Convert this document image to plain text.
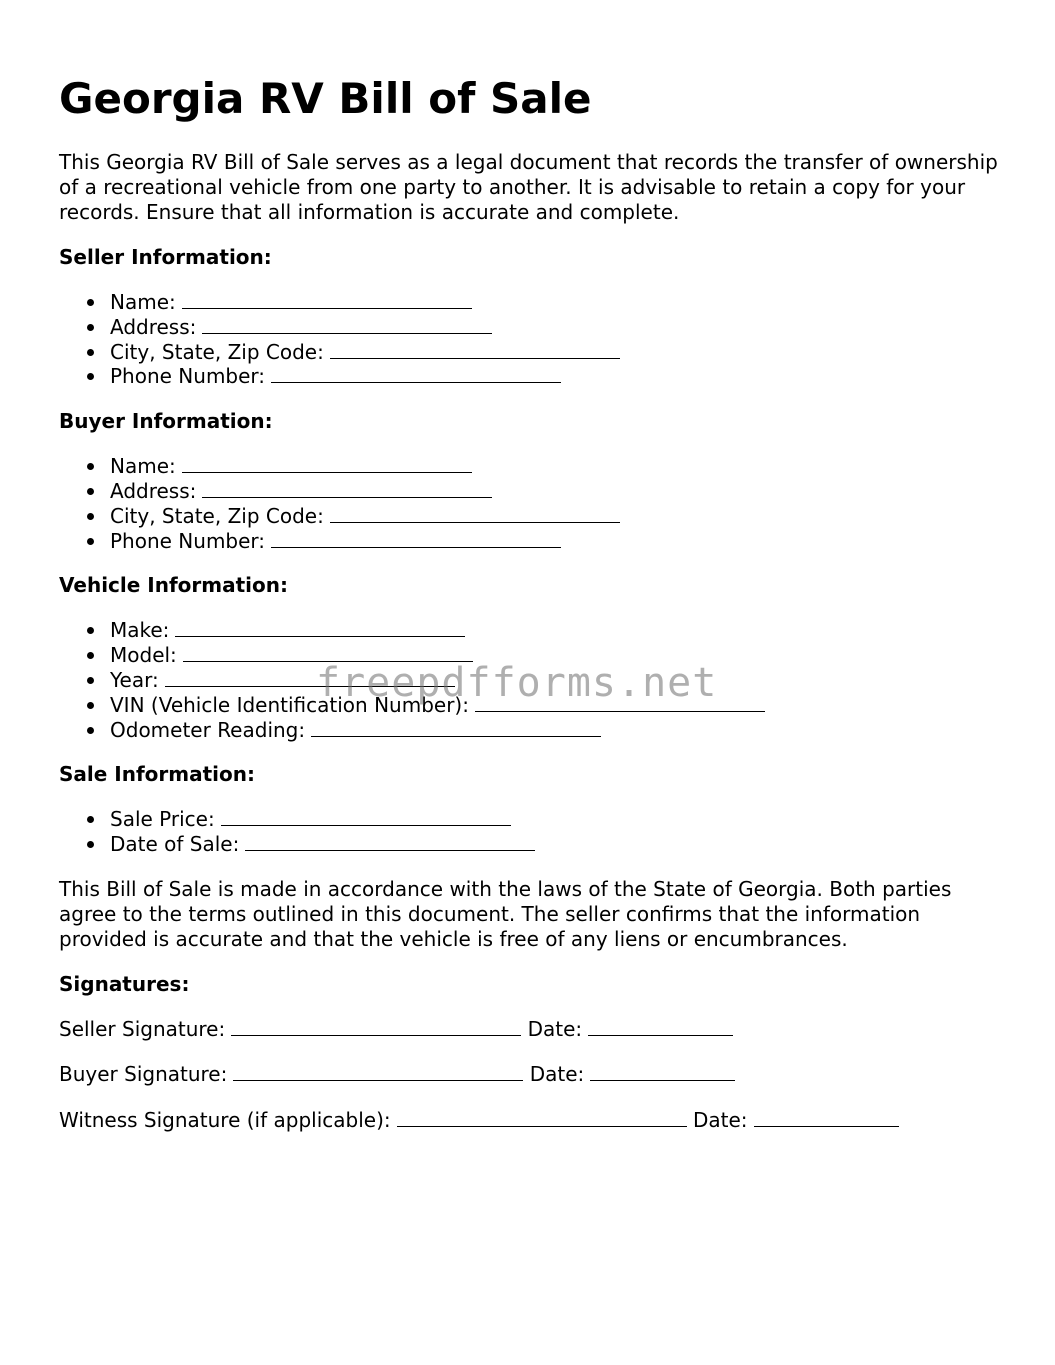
Georgia RV Bill of Sale

This Georgia RV Bill of Sale serves as a legal document that records the transfer of ownership of a recreational vehicle from one party to another. It is advisable to retain a copy for your records. Ensure that all information is accurate and complete.

Seller Information:
Name:
Address:
City, State, Zip Code:
Phone Number:
Buyer Information:
Name:
Address:
City, State, Zip Code:
Phone Number:
Vehicle Information:
Make:
Model:
Year:
VIN (Vehicle Identification Number):
Odometer Reading:
Sale Information:
Sale Price:
Date of Sale:

This Bill of Sale is made in accordance with the laws of the State of Georgia. Both parties agree to the terms outlined in this document. The seller confirms that the information provided is accurate and that the vehicle is free of any liens or encumbrances.

Signatures:
Seller Signature:	Date:
Buyer Signature:	Date:
Witness Signature (if applicable):	Date:
freepdfforms.net
